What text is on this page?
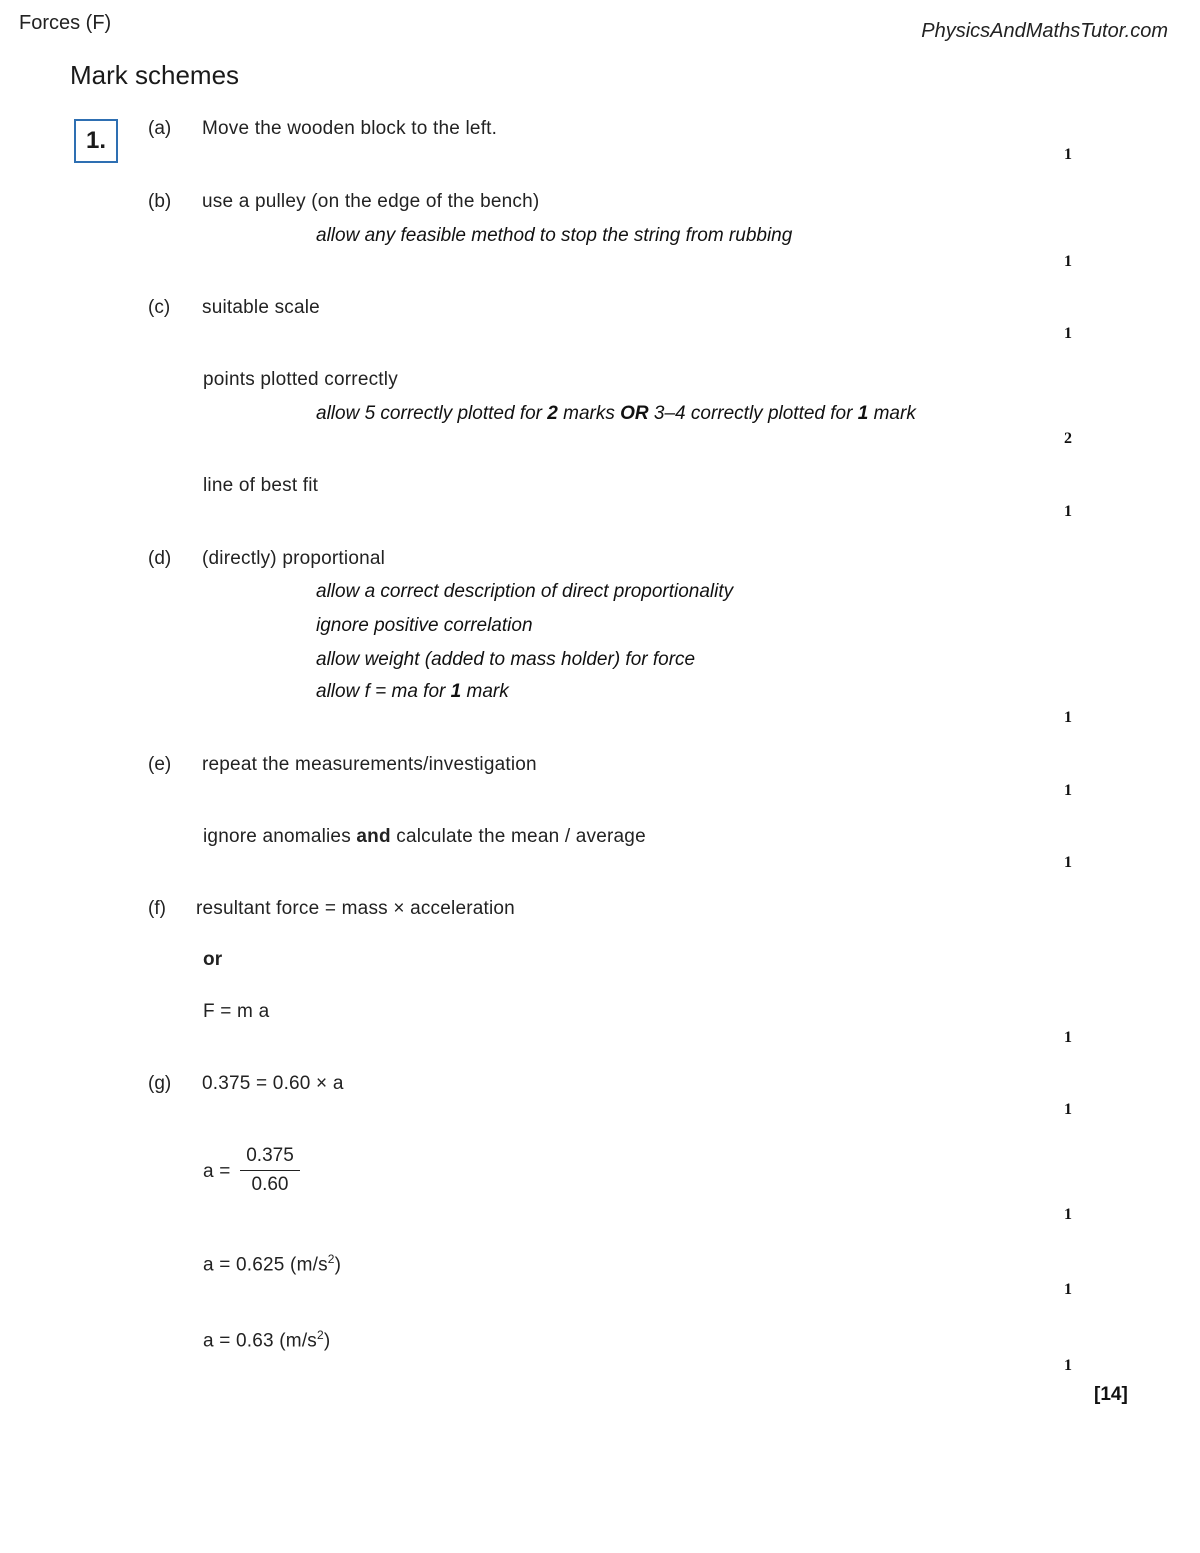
Forces (F)	PhysicsAndMathsTutor.com
Mark schemes
1. (a) Move the wooden block to the left.
1
(b) use a pulley (on the edge of the bench)
allow any feasible method to stop the string from rubbing
1
(c) suitable scale
1
points plotted correctly
allow 5 correctly plotted for 2 marks OR 3–4 correctly plotted for 1 mark
2
line of best fit
1
(d) (directly) proportional
allow a correct description of direct proportionality
ignore positive correlation
allow weight (added to mass holder) for force
allow f = ma for 1 mark
1
(e) repeat the measurements/investigation
1
ignore anomalies and calculate the mean / average
1
(f) resultant force = mass × acceleration
or
F = m a
1
(g) 0.375 = 0.60 × a
1
a =
0.375
0.60
1
a = 0.625 $(m/s^2)$
1
a = 0.63 $(m/s^2)$
1
[14]
